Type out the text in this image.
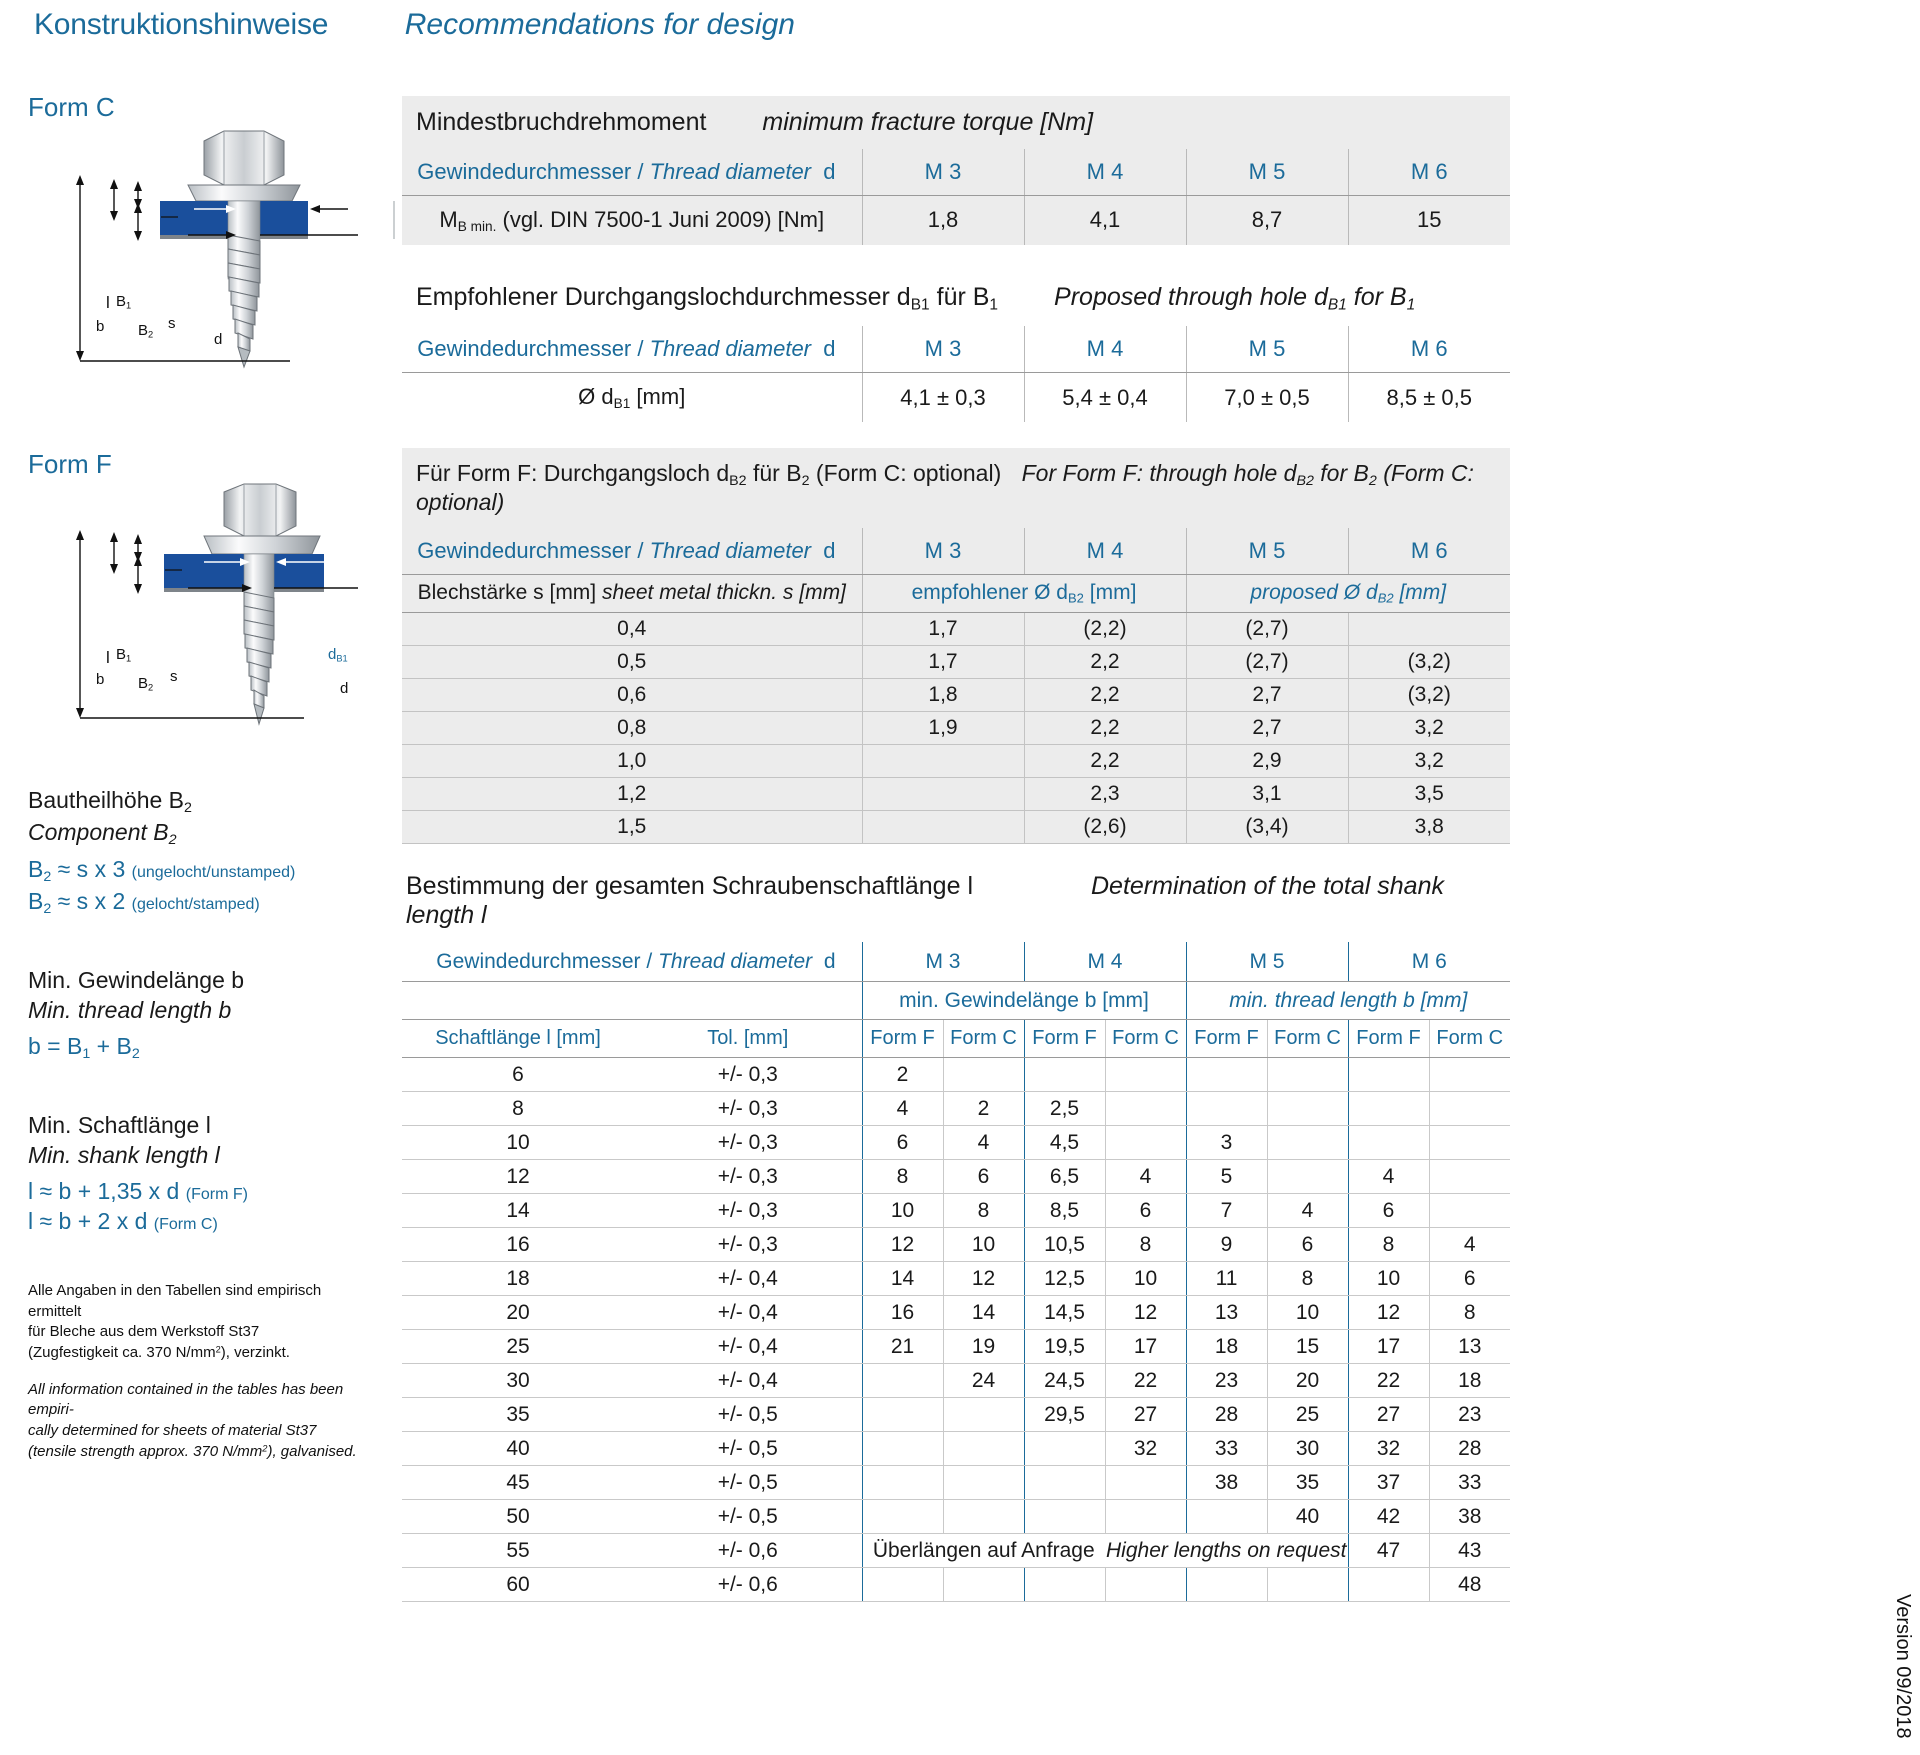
Konstruktionshinweise	Recommendations for design
Form C
l $B_1$
b $B_2$
s
$d_{B1}$
d
Form F
l $B_1$
b $B_2$
s
$d_{B1}$
d
Bautheilhöhe $B_2$
Component $B_2$
$B_2 \approx s$ x 3 (ungelocht/unstamped)
$B_2 \approx s$ x 2 (gelocht/stamped)
Min. Gewindelänge b
Min. thread length b
$b = B_1 + B_2$
Min. Schaftlänge l
Min. shank length l
l ≈ b + 1,35 x d (Form F)
l ≈ b + 2 x d (Form C)
Alle Angaben in den Tabellen sind empirisch ermittelt
für Bleche aus dem Werkstoff St37
(Zugfestigkeit ca. 370 $N/mm^2$), verzinkt.
All information contained in the tables has been empiri-
cally determined for sheets of material St37
(tensile strength approx. 370 $N/mm^2$), galvanised.
Mindestbruchdrehmoment minimum fracture torque [Nm]				
Gewindedurchmesser / Thread diameter d	M 3	M 4	M 5	M 6
$M_{B min.}$ (vgl. DIN 7500-1 Juni 2009) [Nm]	1,8	4,1	8,7	15
Empfohlener Durchgangslochdurchmesser $d_{B1}$ für $B_1$ Proposed through hole $d_{B1}$ for $B_1$
Gewindedurchmesser / Thread diameter d	M 3	M 4	M 5	M 6
Ø $d_{B1}$ [mm]	4,1 ± 0,3	5,4 ± 0,4	7,0 ± 0,5	8,5 ± 0,5
Für Form F: Durchgangsloch $d_{B2}$ für $B_2$ (Form C: optional) For Form F: through hole $d_{B2}$ for $B_2$ (Form C: optional)				
Gewindedurchmesser / Thread diameter d	M 3	M 4	M 5	M 6
Blechstärke s [mm] sheet metal thickn. s [mm]	empfohlener Ø $d_{B2}$ [mm]		proposed Ø $d_{B2}$ [mm]	
0,4	1,7	(2,2)	(2,7)	
0,5	1,7	2,2	(2,7)	(3,2)
0,6	1,8	2,2	2,7	(3,2)
0,8	1,9	2,2	2,7	3,2
1,0		2,2	2,9	3,2
1,2		2,3	3,1	3,5
1,5		(2,6)	(3,4)	3,8
Bestimmung der gesamten Schraubenschaftlänge l Determination of the total shank length l									
Gewindedurchmesser / Thread diameter d		M 3		M 4		M 5		M 6	
		min. Gewindelänge b [mm]				min. thread length b [mm]			
Schaftlänge l [mm]	Tol. [mm]	Form F	Form C	Form F	Form C	Form F	Form C	Form F	Form C
6	+/- 0,3	2							
8	+/- 0,3	4	2	2,5					
10	+/- 0,3	6	4	4,5		3			
12	+/- 0,3	8	6	6,5	4	5		4	
14	+/- 0,3	10	8	8,5	6	7	4	6	
16	+/- 0,3	12	10	10,5	8	9	6	8	4
18	+/- 0,4	14	12	12,5	10	11	8	10	6
20	+/- 0,4	16	14	14,5	12	13	10	12	8
25	+/- 0,4	21	19	19,5	17	18	15	17	13
30	+/- 0,4		24	24,5	22	23	20	22	18
35	+/- 0,5			29,5	27	28	25	27	23
40	+/- 0,5				32	33	30	32	28
45	+/- 0,5					38	35	37	33
50	+/- 0,5						40	42	38
55	+/- 0,6	Überlängen auf Anfrage			Higher lengths on request			47	43
60	+/- 0,6								48
Version 09/2018
